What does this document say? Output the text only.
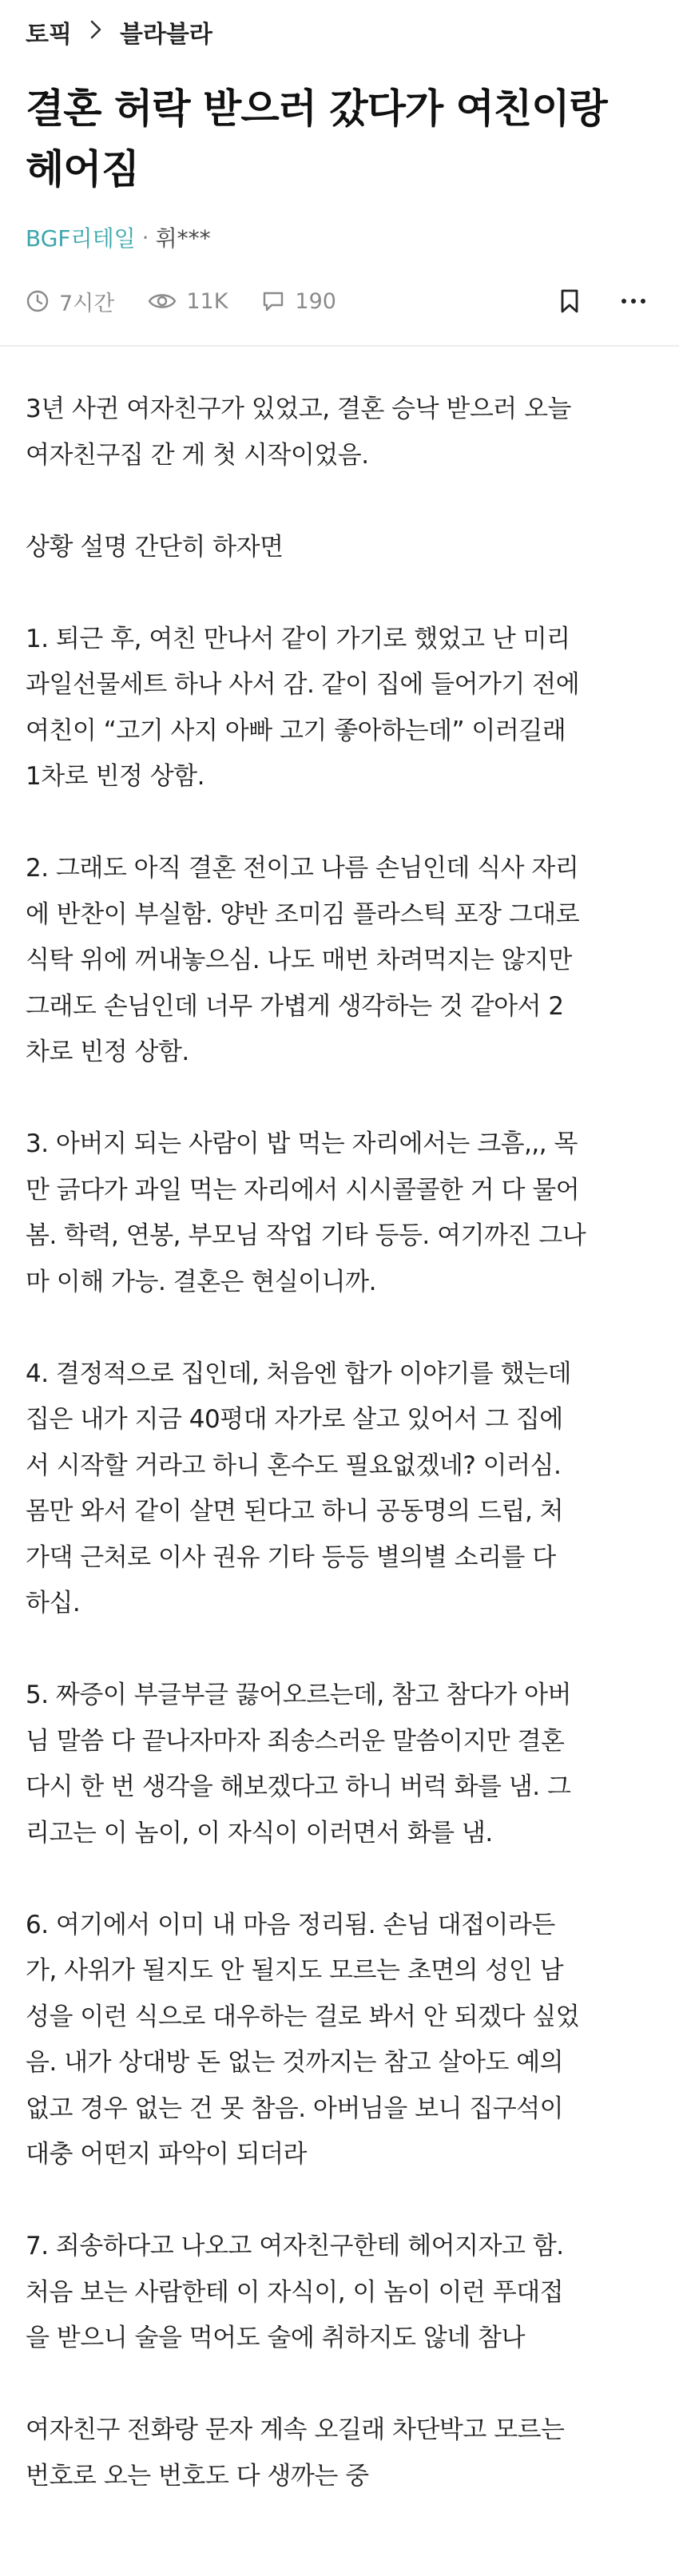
토픽 블라블라
결혼 허락 받으러 갔다가 여친이랑 헤어짐
BGF리테일 · 휘***
7시간	11K	190

3년 사귄 여자친구가 있었고, 결혼 승낙 받으러 오늘
여자친구집 간 게 첫 시작이었음.

상황 설명 간단히 하자면

1. 퇴근 후, 여친 만나서 같이 가기로 했었고 난 미리
과일선물세트 하나 사서 감. 같이 집에 들어가기 전에
여친이 “고기 사지 아빠 고기 좋아하는데” 이러길래
1차로 빈정 상함.

2. 그래도 아직 결혼 전이고 나름 손님인데 식사 자리
에 반찬이 부실함. 양반 조미김 플라스틱 포장 그대로
식탁 위에 꺼내놓으심. 나도 매번 차려먹지는 않지만
그래도 손님인데 너무 가볍게 생각하는 것 같아서 2
차로 빈정 상함.

3. 아버지 되는 사람이 밥 먹는 자리에서는 크흠,,, 목
만 긁다가 과일 먹는 자리에서 시시콜콜한 거 다 물어
봄. 학력, 연봉, 부모님 작업 기타 등등. 여기까진 그나
마 이해 가능. 결혼은 현실이니까.

4. 결정적으로 집인데, 처음엔 합가 이야기를 했는데
집은 내가 지금 40평대 자가로 살고 있어서 그 집에
서 시작할 거라고 하니 혼수도 필요없겠네? 이러심.
몸만 와서 같이 살면 된다고 하니 공동명의 드립, 처
가댁 근처로 이사 권유 기타 등등 별의별 소리를 다
하십.

5. 짜증이 부글부글 끓어오르는데, 참고 참다가 아버
님 말씀 다 끝나자마자 죄송스러운 말씀이지만 결혼
다시 한 번 생각을 해보겠다고 하니 버럭 화를 냄. 그
리고는 이 놈이, 이 자식이 이러면서 화를 냄.

6. 여기에서 이미 내 마음 정리됨. 손님 대접이라든
가, 사위가 될지도 안 될지도 모르는 초면의 성인 남
성을 이런 식으로 대우하는 걸로 봐서 안 되겠다 싶었
음. 내가 상대방 돈 없는 것까지는 참고 살아도 예의
없고 경우 없는 건 못 참음. 아버님을 보니 집구석이
대충 어떤지 파악이 되더라

7. 죄송하다고 나오고 여자친구한테 헤어지자고 함.
처음 보는 사람한테 이 자식이, 이 놈이 이런 푸대접
을 받으니 술을 먹어도 술에 취하지도 않네 참나

여자친구 전화랑 문자 계속 오길래 차단박고 모르는
번호로 오는 번호도 다 생까는 중
